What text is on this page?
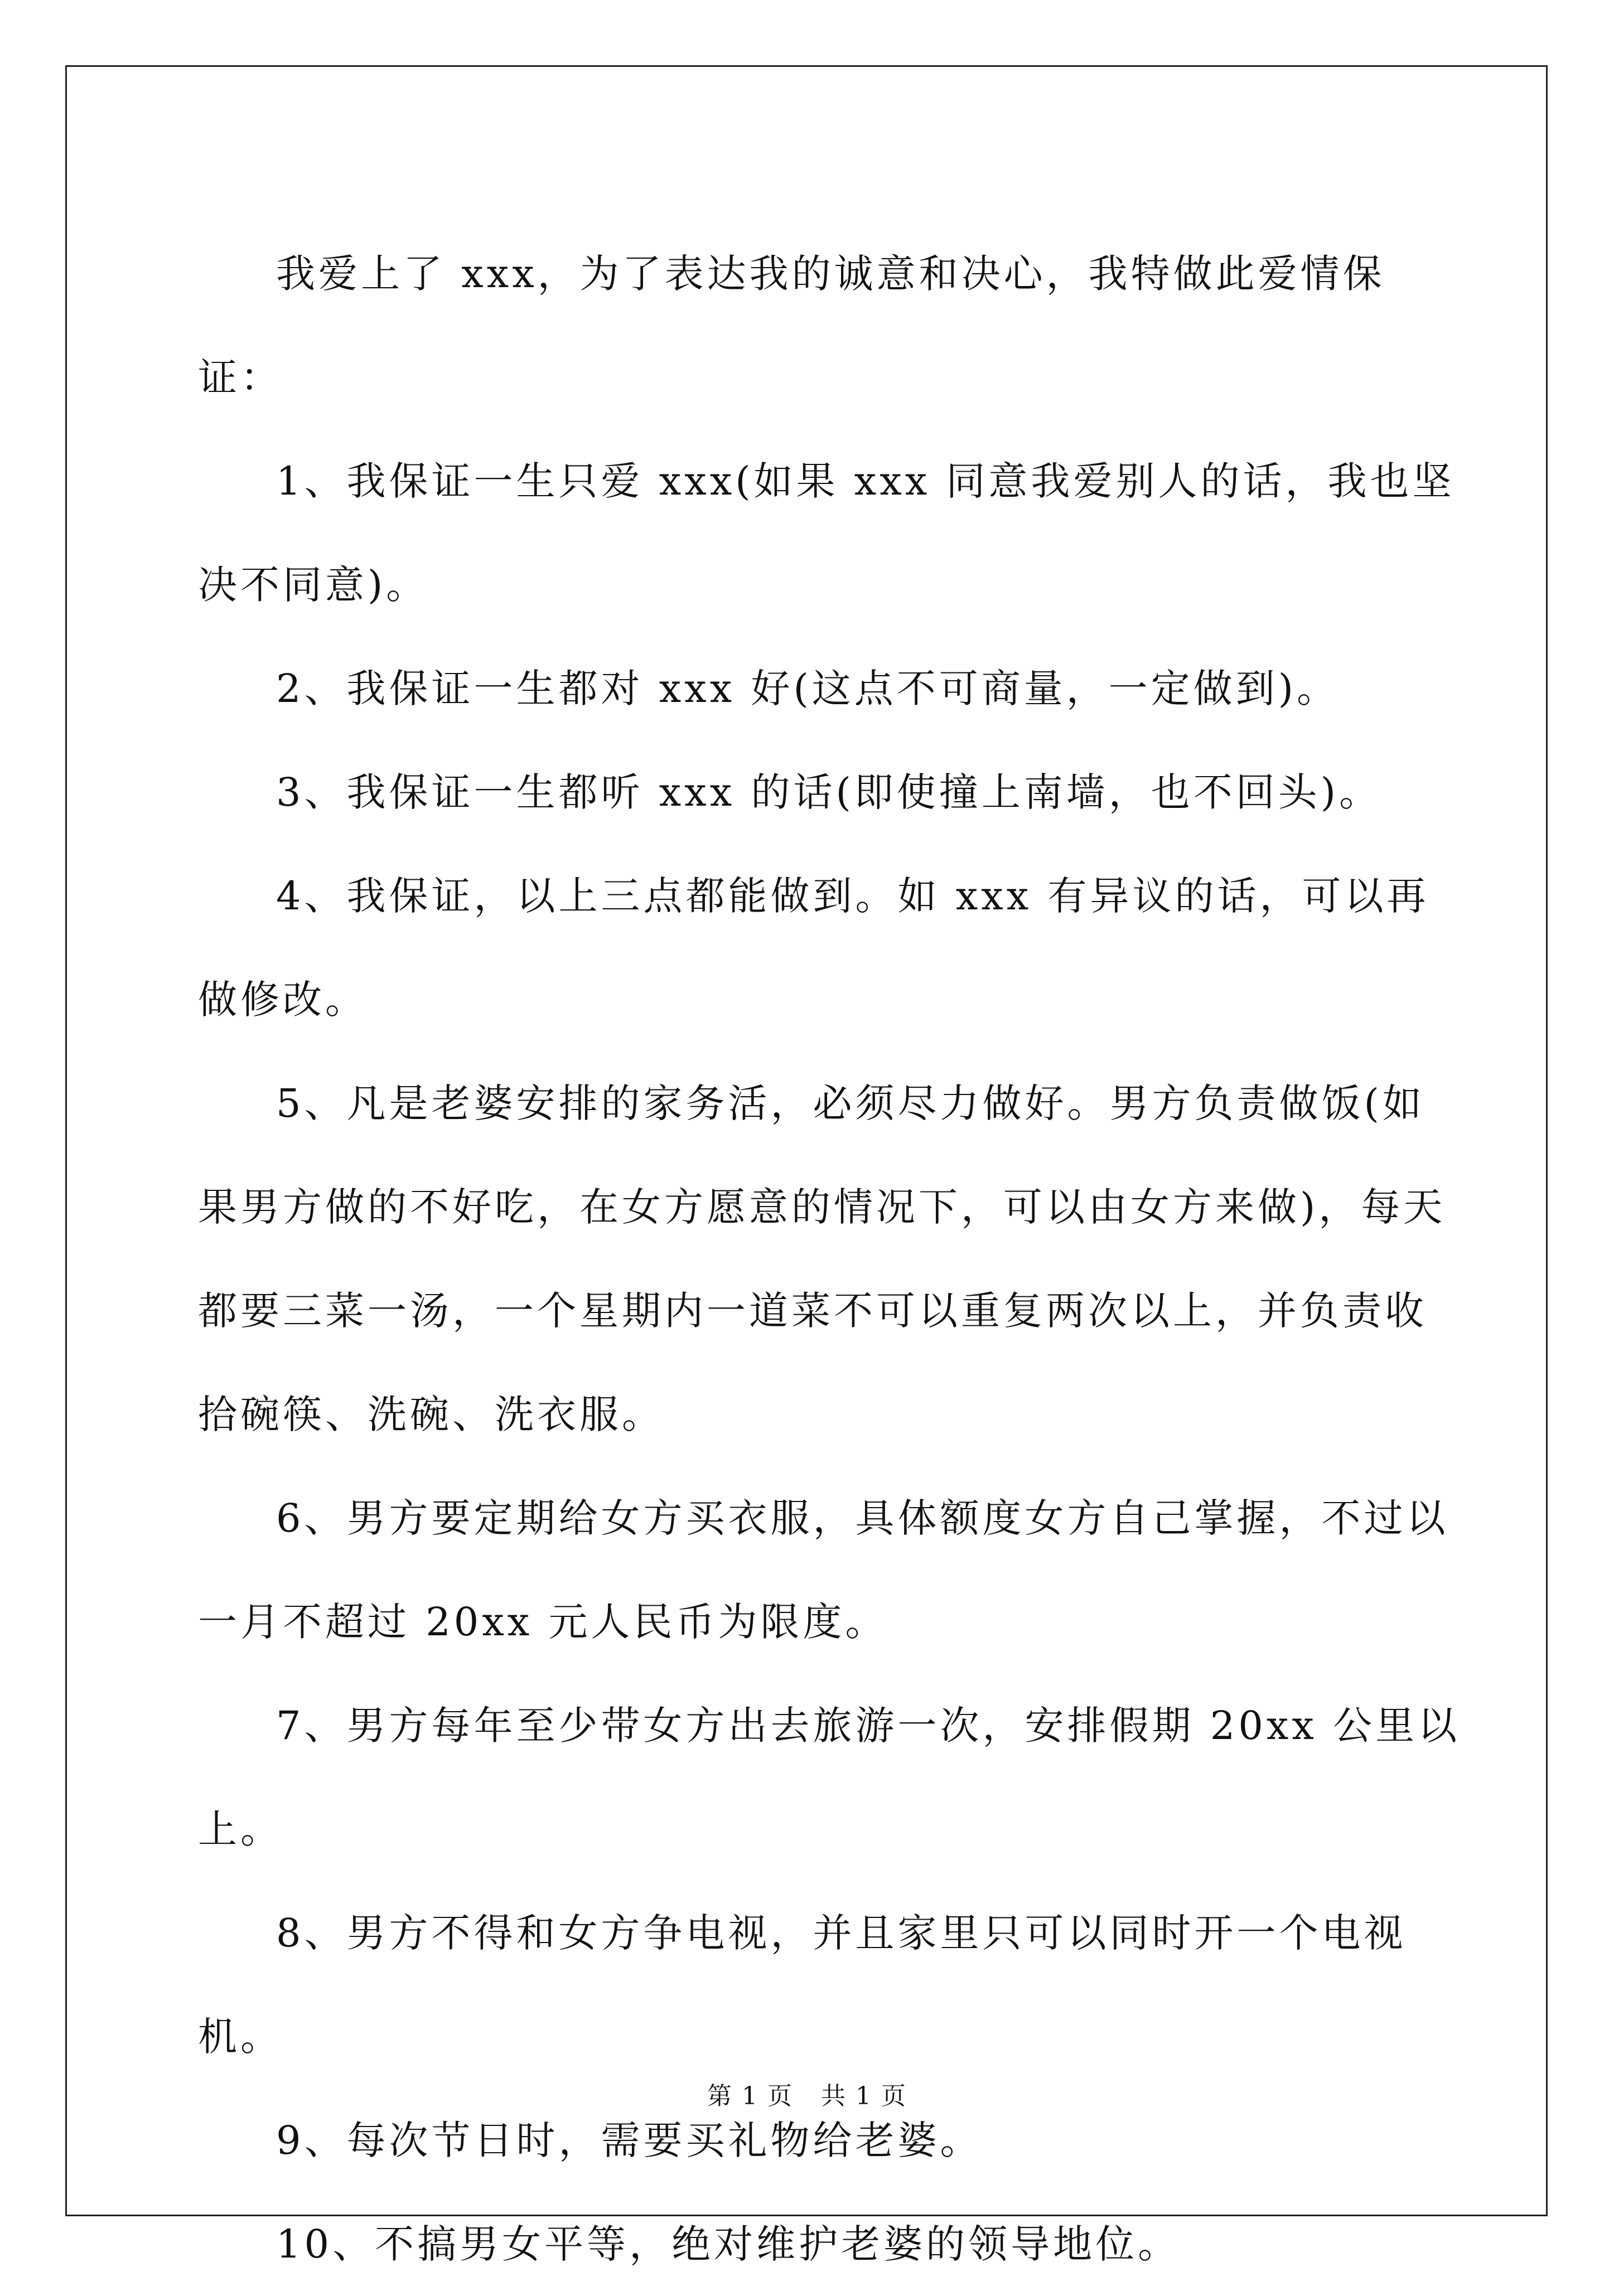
我爱上了 xxx，为了表达我的诚意和决心，我特做此爱情保证：

1、我保证一生只爱 xxx(如果 xxx 同意我爱别人的话，我也坚决不同意)。

2、我保证一生都对 xxx 好(这点不可商量，一定做到)。

3、我保证一生都听 xxx 的话(即使撞上南墙，也不回头)。

4、我保证，以上三点都能做到。如 xxx 有异议的话，可以再做修改。

5、凡是老婆安排的家务活，必须尽力做好。男方负责做饭(如果男方做的不好吃，在女方愿意的情况下，可以由女方来做)，每天都要三菜一汤，一个星期内一道菜不可以重复两次以上，并负责收拾碗筷、洗碗、洗衣服。

6、男方要定期给女方买衣服，具体额度女方自己掌握，不过以一月不超过 20xx 元人民币为限度。

7、男方每年至少带女方出去旅游一次，安排假期 20xx 公里以上。

8、男方不得和女方争电视，并且家里只可以同时开一个电视机。

9、每次节日时，需要买礼物给老婆。

10、不搞男女平等，绝对维护老婆的领导地位。

第 1 页 共 1 页
